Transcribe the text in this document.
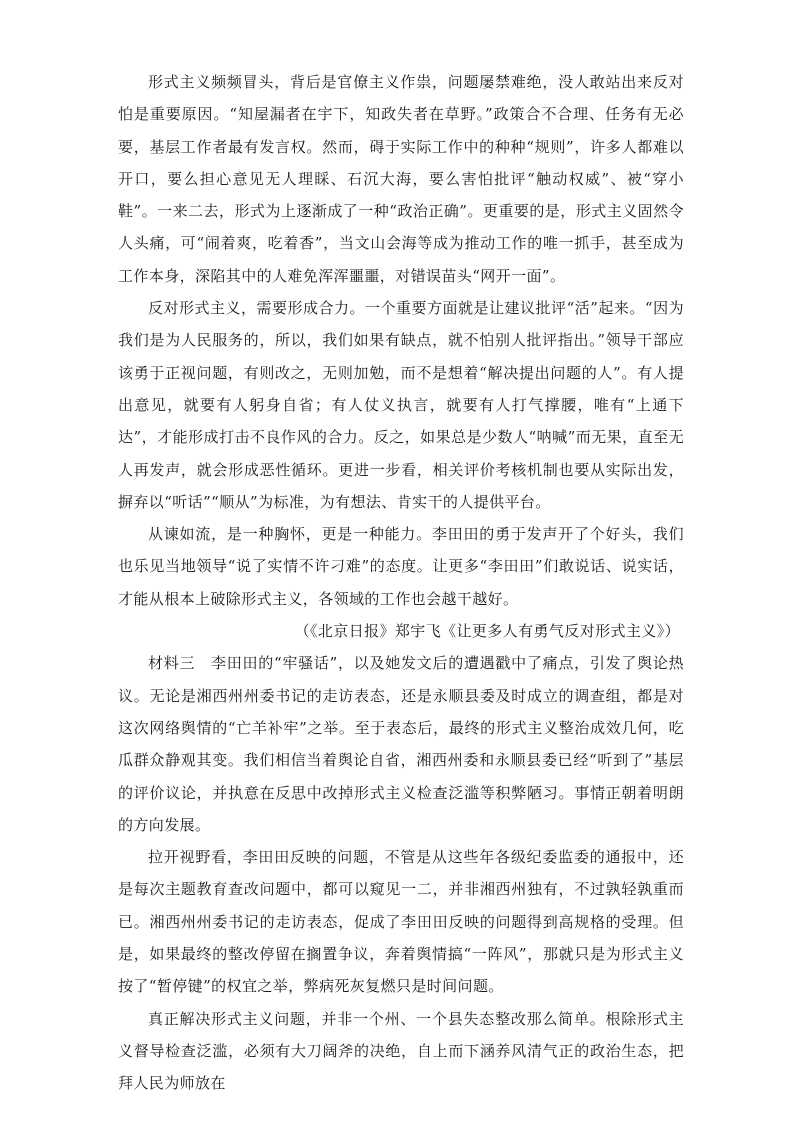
形式主义频频冒头，背后是官僚主义作祟，问题屡禁难绝，没人敢站出来反对怕是重要原因。“知屋漏者在宇下，知政失者在草野。”政策合不合理、任务有无必要，基层工作者最有发言权。然而，碍于实际工作中的种种“规则”，许多人都难以开口，要么担心意见无人理睬、石沉大海，要么害怕批评“触动权威”、被“穿小鞋”。一来二去，形式为上逐渐成了一种“政治正确”。更重要的是，形式主义固然令人头痛，可“闹着爽，吃着香”，当文山会海等成为推动工作的唯一抓手，甚至成为工作本身，深陷其中的人难免浑浑噩噩，对错误苗头“网开一面”。

反对形式主义，需要形成合力。一个重要方面就是让建议批评“活”起来。“因为我们是为人民服务的，所以，我们如果有缺点，就不怕别人批评指出。”领导干部应该勇于正视问题，有则改之，无则加勉，而不是想着“解决提出问题的人”。有人提出意见，就要有人躬身自省；有人仗义执言，就要有人打气撑腰，唯有“上通下达”，才能形成打击不良作风的合力。反之，如果总是少数人“呐喊”而无果，直至无人再发声，就会形成恶性循环。更进一步看，相关评价考核机制也要从实际出发，摒弃以“听话”“顺从”为标准，为有想法、肯实干的人提供平台。

从谏如流，是一种胸怀，更是一种能力。李田田的勇于发声开了个好头，我们也乐见当地领导“说了实情不许刁难”的态度。让更多“李田田”们敢说话、说实话，才能从根本上破除形式主义，各领域的工作也会越干越好。

（《北京日报》郑宇飞《让更多人有勇气反对形式主义》）

材料三　李田田的“牢骚话”，以及她发文后的遭遇戳中了痛点，引发了舆论热议。无论是湘西州州委书记的走访表态，还是永顺县委及时成立的调查组，都是对这次网络舆情的“亡羊补牢”之举。至于表态后，最终的形式主义整治成效几何，吃瓜群众静观其变。我们相信当着舆论自省，湘西州委和永顺县委已经“听到了”基层的评价议论，并执意在反思中改掉形式主义检查泛滥等积弊陋习。事情正朝着明朗的方向发展。

拉开视野看，李田田反映的问题，不管是从这些年各级纪委监委的通报中，还是每次主题教育查改问题中，都可以窥见一二，并非湘西州独有，不过孰轻孰重而已。湘西州州委书记的走访表态，促成了李田田反映的问题得到高规格的受理。但是，如果最终的整改停留在搁置争议，奔着舆情搞“一阵风”，那就只是为形式主义按了“暂停键”的权宜之举，弊病死灰复燃只是时间问题。

真正解决形式主义问题，并非一个州、一个县失态整改那么简单。根除形式主义督导检查泛滥，必须有大刀阔斧的决绝，自上而下涵养风清气正的政治生态，把拜人民为师放在
